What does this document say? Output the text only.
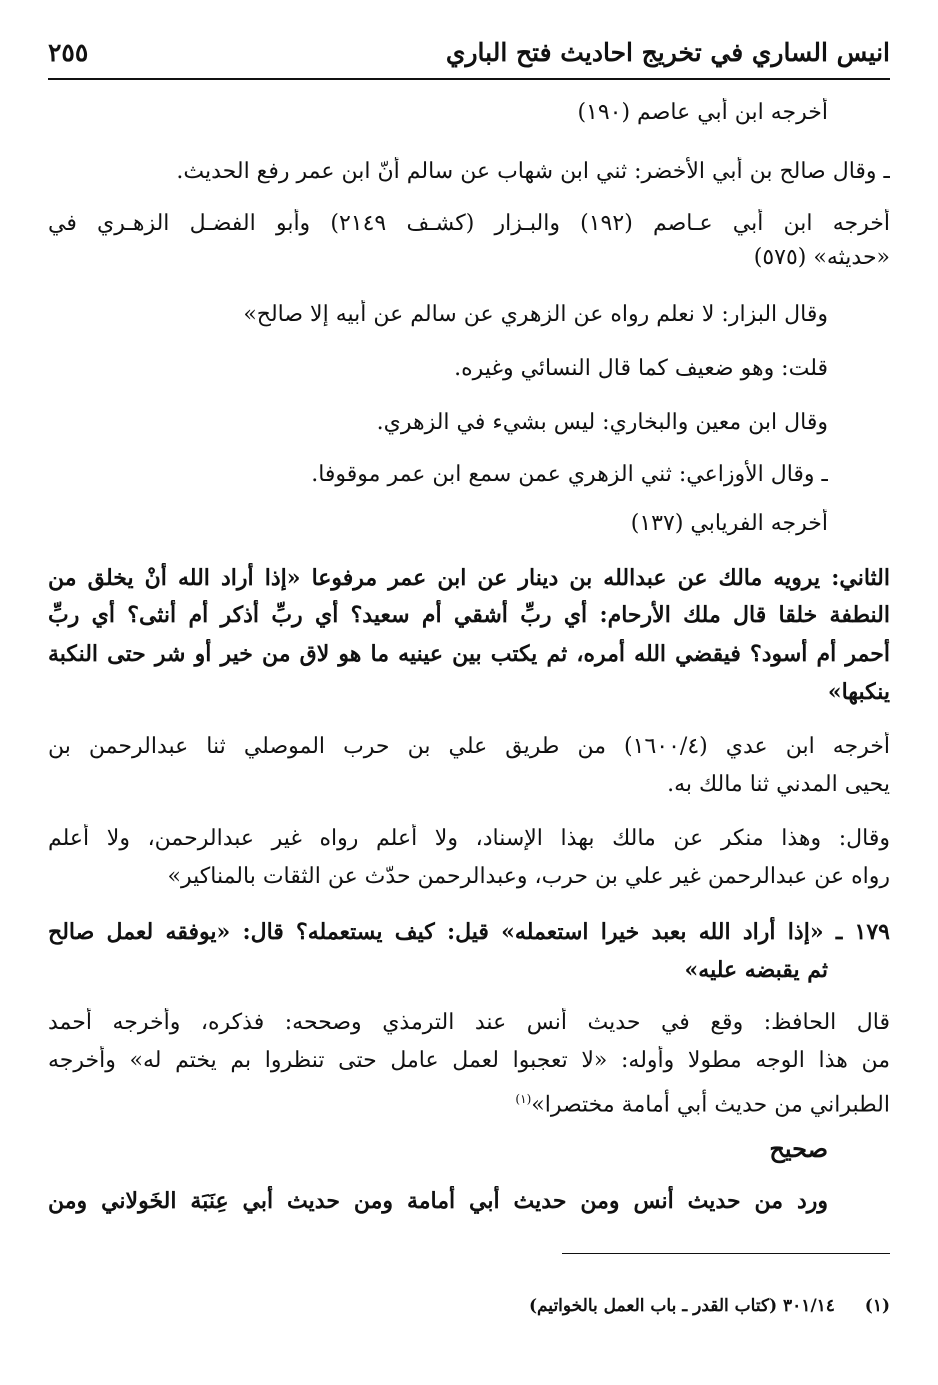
انيس الساري في تخريج احاديث فتح الباري
٢٥٥
أخرجه ابن أبي عاصم (١٩٠)
ـ وقال صالح بن أبي الأخضر: ثني ابن شهاب عن سالم أنّ ابن عمر رفع الحديث.
أخرجه ابن أبي عـاصم (١٩٢) والبـزار (كشـف ٢١٤٩) وأبو الفضـل الزهـري في
«حديثه» (٥٧٥)
وقال البزار: لا نعلم رواه عن الزهري عن سالم عن أبيه إلا صالح»
قلت: وهو ضعيف كما قال النسائي وغيره.
وقال ابن معين والبخاري: ليس بشيء في الزهري.
ـ وقال الأوزاعي: ثني الزهري عمن سمع ابن عمر موقوفا.
أخرجه الفريابي (١٣٧)
الثاني: يرويه مالك عن عبدالله بن دينار عن ابن عمر مرفوعا «إذا أراد الله أنْ يخلق من
النطفة خلقا قال ملك الأرحام: أي ربِّ أشقي أم سعيد؟ أي ربِّ أذكر أم أنثى؟ أي ربِّ
أحمر أم أسود؟ فيقضي الله أمره، ثم يكتب بين عينيه ما هو لاق من خير أو شر حتى النكبة
ينكبها»
أخرجه ابن عدي (١٦٠٠/٤) من طريق علي بن حرب الموصلي ثنا عبدالرحمن بن
يحيى المدني ثنا مالك به.
وقال: وهذا منكر عن مالك بهذا الإسناد، ولا أعلم رواه غير عبدالرحمن، ولا أعلم
رواه عن عبدالرحمن غير علي بن حرب، وعبدالرحمن حدّث عن الثقات بالمناكير»
١٧٩ ـ «إذا أراد الله بعبد خيرا استعمله» قيل: كيف يستعمله؟ قال: «يوفقه لعمل صالح
ثم يقبضه عليه»
قال الحافظ: وقع في حديث أنس عند الترمذي وصححه: فذكره، وأخرجه أحمد
من هذا الوجه مطولا وأوله: «لا تعجبوا لعمل عامل حتى تنظروا بم يختم له» وأخرجه
الطبراني من حديث أبي أمامة مختصرا»$^{(١)}$
صحيح
ورد من حديث أنس ومن حديث أبي أمامة ومن حديث أبي عِنَبَة الخَولاني ومن
(١)  ٣٠١/١٤ (كتاب القدر ـ باب العمل بالخواتيم)
